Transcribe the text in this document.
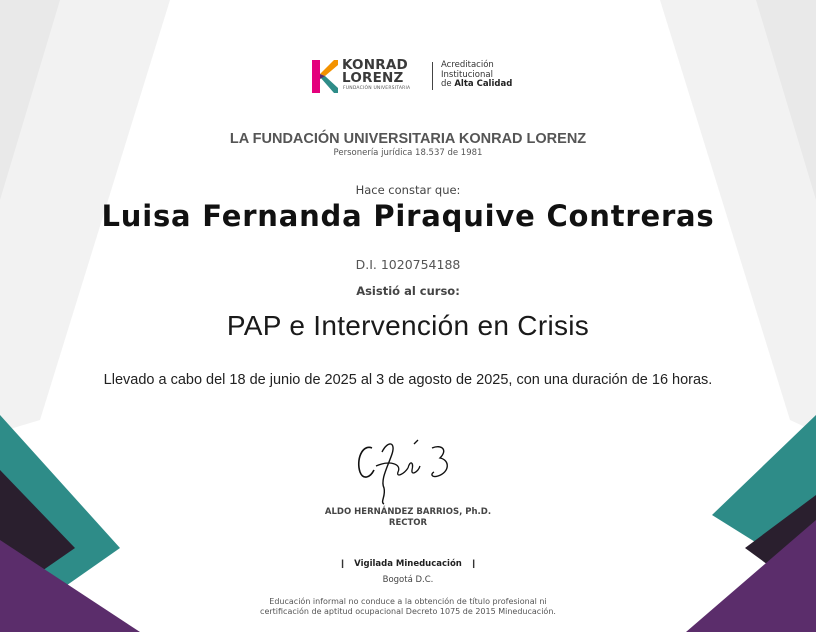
KONRAD
LORENZ
FUNDACIÓN UNIVERSITARIA
Acreditación
Institucional
de Alta Calidad
LA FUNDACIÓN UNIVERSITARIA KONRAD LORENZ
Personería jurídica 18.537 de 1981
Hace constar que:
Luisa Fernanda Piraquive Contreras
D.I. 1020754188
Asistió al curso:
PAP e Intervención en Crisis
Llevado a cabo del 18 de junio de 2025 al 3 de agosto de 2025, con una duración de 16 horas.
ALDO HERNÁNDEZ BARRIOS, Ph.D.
RECTOR
❙   Vigilada Mineducación   ❙
Bogotá D.C.
Educación informal no conduce a la obtención de título profesional ni
certificación de aptitud ocupacional Decreto 1075 de 2015 Mineducación.
